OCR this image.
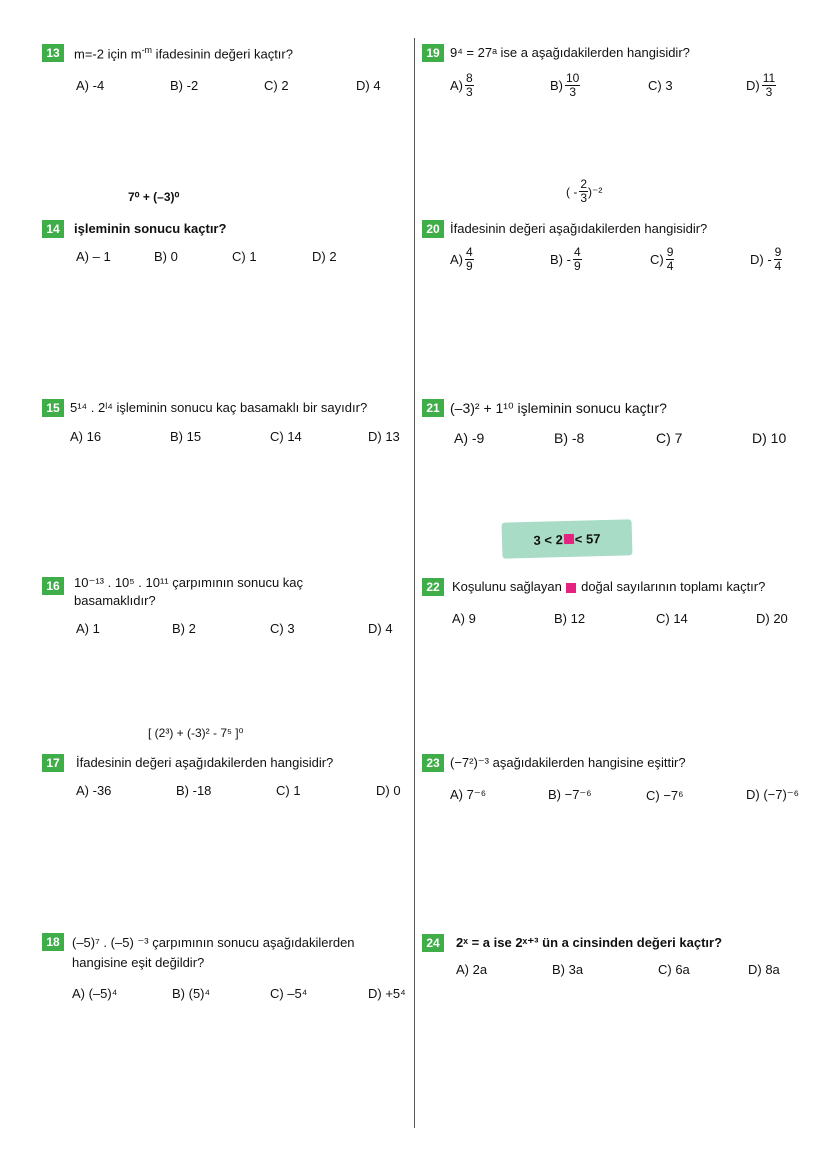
13	m=-2 için $m^{-m}$ ifadesinin değeri kaçtır?
A) -4	B) -2	C) 2	D) 4
7⁰ + (–3)⁰
14	işleminin sonucu kaçtır?
A) – 1	B) 0	C) 1	D) 2
15 5¹⁴ . 2ˡ⁴ işleminin sonucu kaç basamaklı bir sayıdır?
A) 16	B) 15	C) 14	D) 13
16	10⁻¹³ . 10⁵ . 10¹¹ çarpımının sonucu kaç
basamaklıdır?
A) 1	B) 2	C) 3	D) 4
[ (2³) + (-3)² - 7⁵ ]⁰
17	İfadesinin değeri aşağıdakilerden hangisidir?
A) -36	B) -18	C) 1	D) 0
18 (–5)⁷ . (–5) ⁻³ çarpımının sonucu aşağıdakilerden
hangisine eşit değildir?
A) (–5)⁴	B) (5)⁴	C) –5⁴	D) +5⁴
19 9⁴ = 27ᵃ ise a aşağıdakilerden hangisidir?
$A) \frac{8}{3}$	$B) \frac{10}{3}$	C) 3	$D) \frac{11}{3}$
( - $\frac{2}{3} )^{-2}$
20 İfadesinin değeri aşağıdakilerden hangisidir?
$A) \frac{4}{9}$	$B) - \frac{4}{9}$	$C) \frac{9}{4}$	$D) - \frac{9}{4}$
21 (–3)² + 1¹⁰ işleminin sonucu kaçtır?
A) -9	B) -8	C) 7	D) 10
3 < 2 < 57
22 Koşulunu sağlayan  doğal sayılarının toplamı kaçtır?
A) 9	B) 12	C) 14	D) 20
23 (−7²)⁻³ aşağıdakilerden hangisine eşittir?
A) 7⁻⁶	B) −7⁻⁶	C) −7⁶	D) (−7)⁻⁶
24	2ˣ = a ise 2ˣ⁺³ ün a cinsinden değeri kaçtır?
A) 2a	B) 3a	C) 6a	D) 8a
